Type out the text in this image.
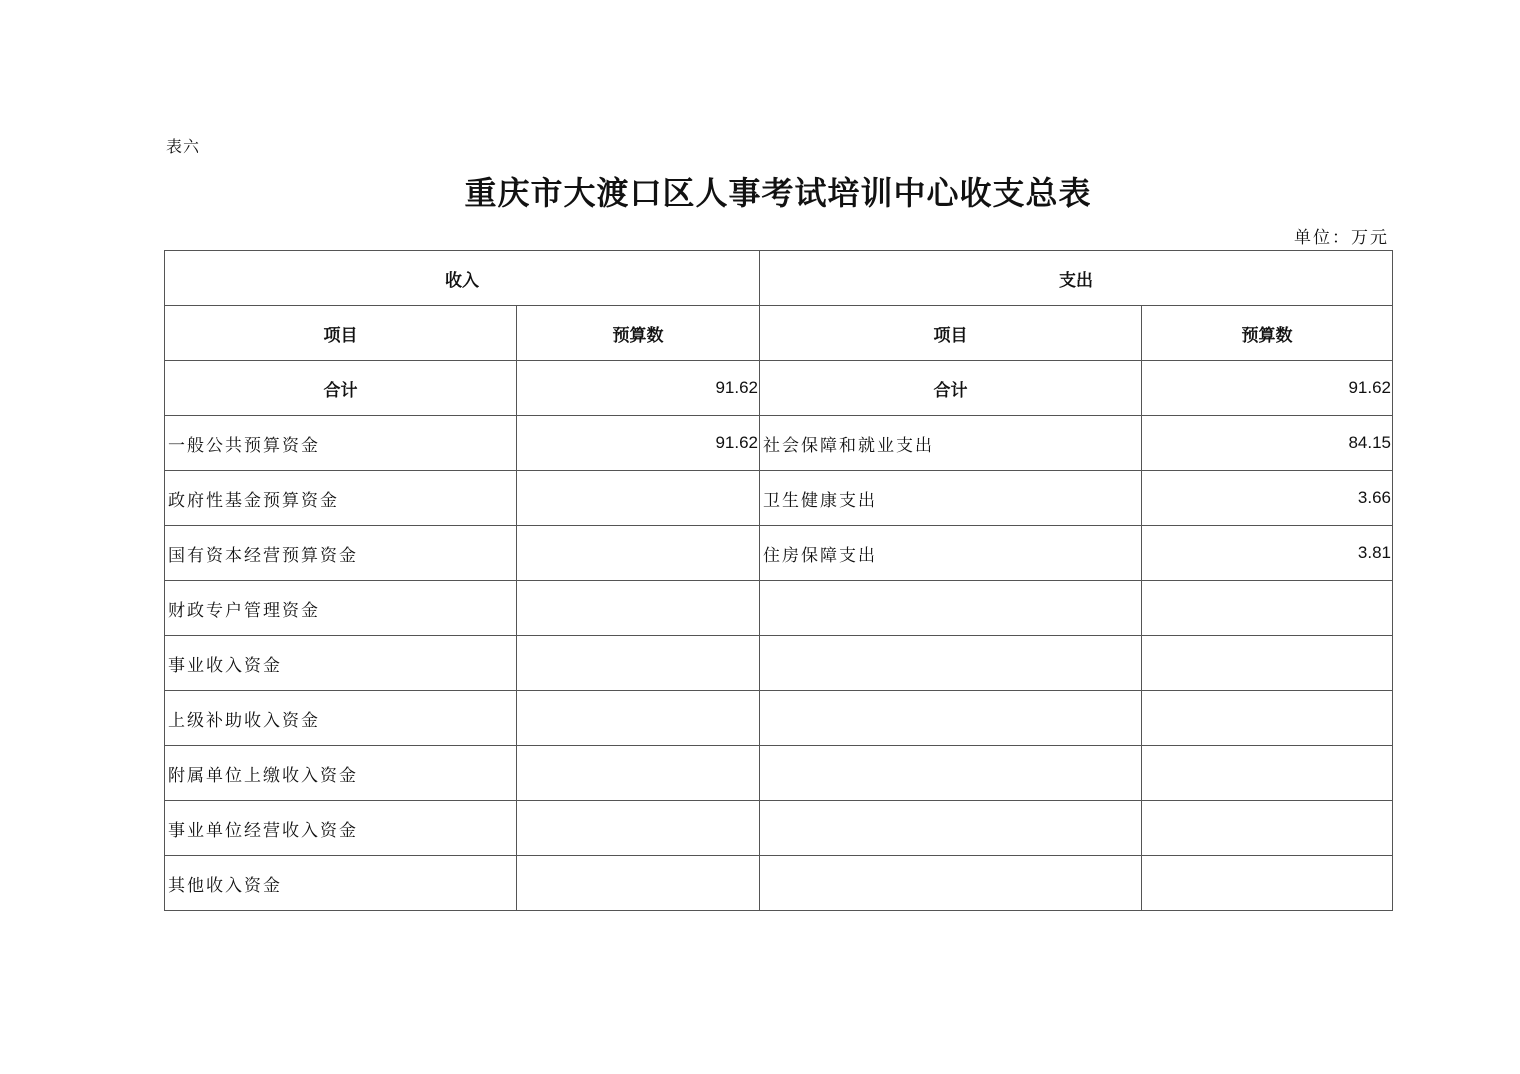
表六
重庆市大渡口区人事考试培训中心收支总表
单位：万元
收入		支出	
项目	预算数	项目	预算数
合计	91.62	合计	91.62
一般公共预算资金	91.62	社会保障和就业支出	84.15
政府性基金预算资金		卫生健康支出	3.66
国有资本经营预算资金		住房保障支出	3.81
财政专户管理资金			
事业收入资金			
上级补助收入资金			
附属单位上缴收入资金			
事业单位经营收入资金			
其他收入资金			
